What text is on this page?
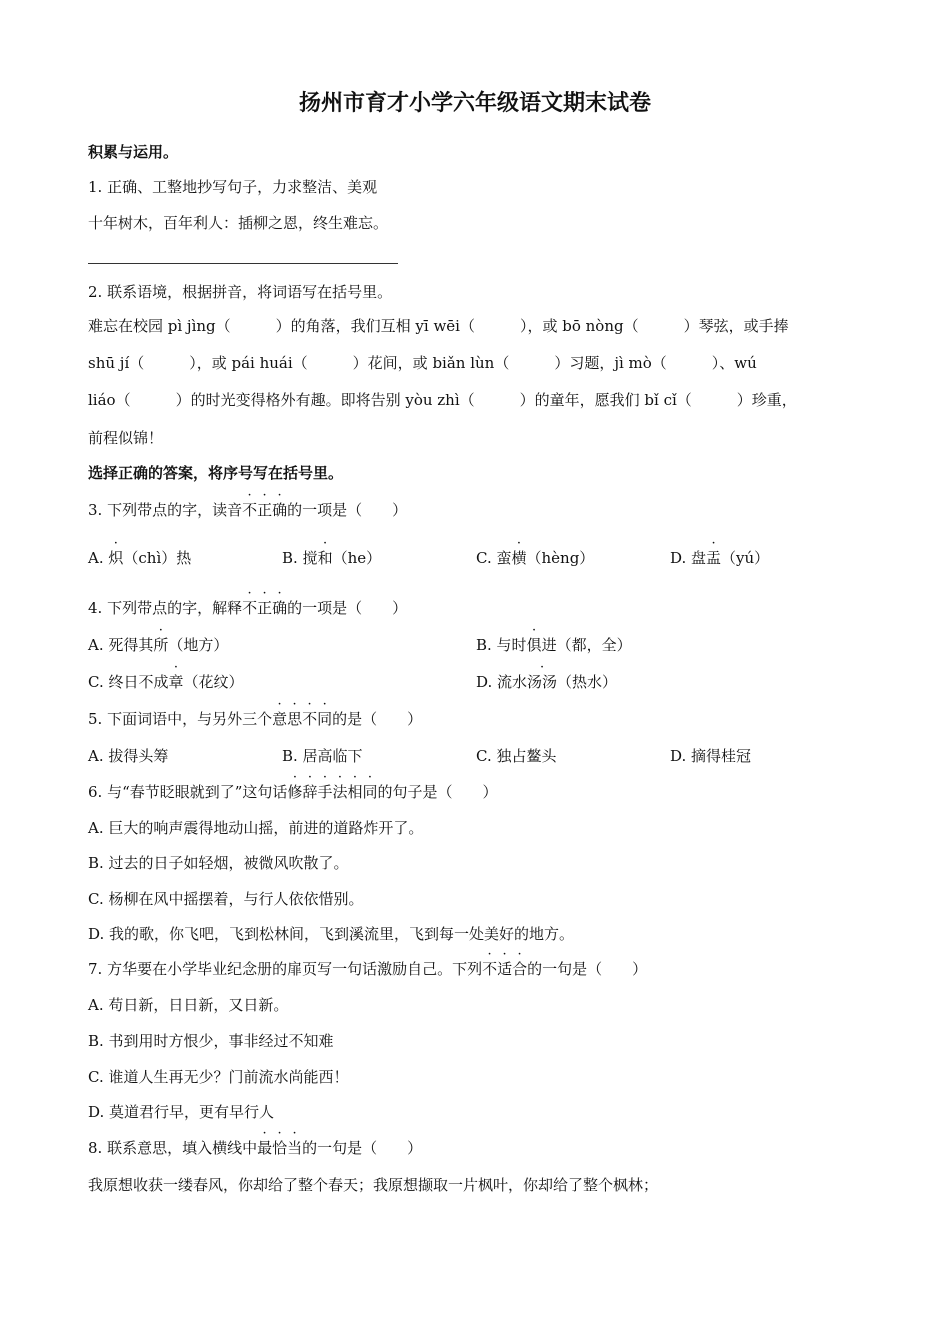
扬州市育才小学六年级语文期末试卷
积累与运用。
1. 正确、工整地抄写句子，力求整洁、美观
十年树木，百年利人：插柳之恩，终生难忘。
2. 联系语境，根据拼音，将词语写在括号里。
难忘在校园 pì jìng（　　　）的角落，我们互相 yī wēi（　　　），或 bō nòng（　　　）琴弦，或手捧
shū jí（　　　），或 pái huái（　　　）花间，或 biǎn lùn（　　　）习题，jì mò（　　　）、wú
liáo（　　　）的时光变得格外有趣。即将告别 yòu zhì（　　　）的童年，愿我们 bǐ cǐ（　　　）珍重，
前程似锦！
选择正确的答案，将序号写在括号里。
3. 下列带点的字，读音不正确的一项是（　　）
A. 炽（chì）热	B. 搅和（he）	C. 蛮横（hèng）	D. 盘盂（yú）
4. 下列带点的字，解释不正确的一项是（　　）
A. 死得其所（地方）	B. 与时俱进（都，全）
C. 终日不成章（花纹）	D. 流水汤汤（热水）
5. 下面词语中，与另外三个意思不同的是（　　）
A. 拔得头筹	B. 居高临下	C. 独占鳌头	D. 摘得桂冠
6. 与“春节眨眼就到了”这句话修辞手法相同的句子是（　　）
A. 巨大的响声震得地动山摇，前进的道路炸开了。
B. 过去的日子如轻烟，被微风吹散了。
C. 杨柳在风中摇摆着，与行人依依惜别。
D. 我的歌，你飞吧，飞到松林间，飞到溪流里，飞到每一处美好的地方。
7. 方华要在小学毕业纪念册的扉页写一句话激励自己。下列不适合的一句是（　　）
A. 苟日新，日日新，又日新。
B. 书到用时方恨少，事非经过不知难
C. 谁道人生再无少？门前流水尚能西！
D. 莫道君行早，更有早行人
8. 联系意思，填入横线中最恰当的一句是（　　）
我原想收获一缕春风，你却给了整个春天；我原想撷取一片枫叶，你却给了整个枫林；
